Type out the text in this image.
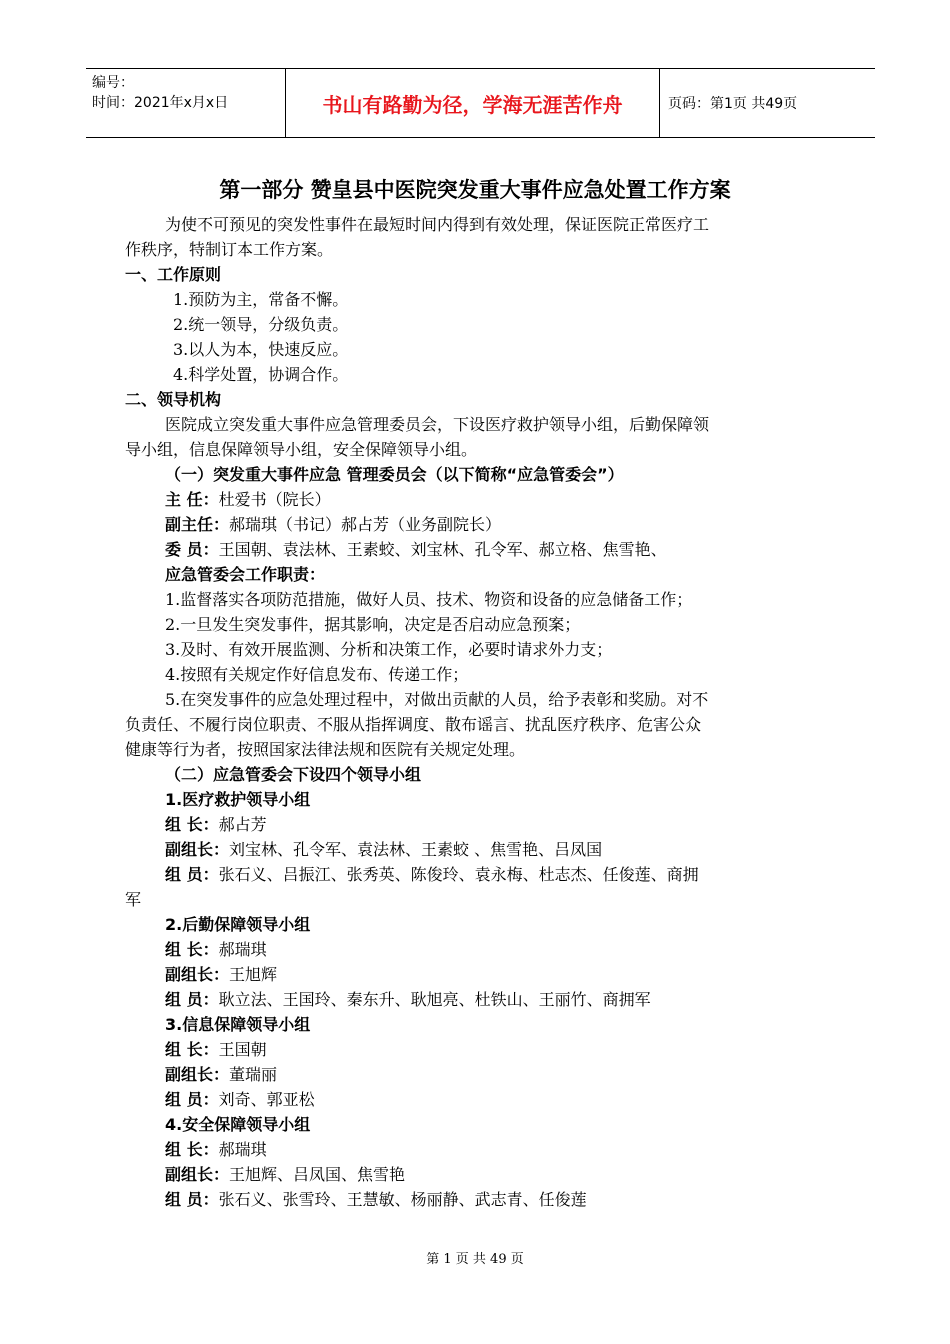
编号：
时间：2021年x月x日	书山有路勤为径，学海无涯苦作舟	页码：第1页 共49页
第一部分 赞皇县中医院突发重大事件应急处置工作方案
为使不可预见的突发性事件在最短时间内得到有效处理，保证医院正常医疗工
作秩序，特制订本工作方案。
一、工作原则
1.预防为主，常备不懈。
2.统一领导，分级负责。
3.以人为本，快速反应。
4.科学处置，协调合作。
二、领导机构
医院成立突发重大事件应急管理委员会，下设医疗救护领导小组，后勤保障领
导小组，信息保障领导小组，安全保障领导小组。
（一）突发重大事件应急 管理委员会（以下简称“应急管委会”）
主 任：杜爱书（院长）
副主任：郝瑞琪（书记）郝占芳（业务副院长）
委 员：王国朝、袁法林、王素蛟、刘宝林、孔令军、郝立格、焦雪艳、
应急管委会工作职责：
1.监督落实各项防范措施，做好人员、技术、物资和设备的应急储备工作；
2.一旦发生突发事件，据其影响，决定是否启动应急预案；
3.及时、有效开展监测、分析和决策工作，必要时请求外力支；
4.按照有关规定作好信息发布、传递工作；
5.在突发事件的应急处理过程中，对做出贡献的人员，给予表彰和奖励。对不
负责任、不履行岗位职责、不服从指挥调度、散布谣言、扰乱医疗秩序、危害公众
健康等行为者，按照国家法律法规和医院有关规定处理。
（二）应急管委会下设四个领导小组
1.医疗救护领导小组
组 长：郝占芳
副组长：刘宝林、孔令军、袁法林、王素蛟 、焦雪艳、吕凤国
组 员：张石义、吕振江、张秀英、陈俊玲、袁永梅、杜志杰、任俊莲、商拥
军
2.后勤保障领导小组
组 长：郝瑞琪
副组长：王旭辉
组 员：耿立法、王国玲、秦东升、耿旭亮、杜铁山、王丽竹、商拥军
3.信息保障领导小组
组 长：王国朝
副组长：董瑞丽
组 员：刘奇、郭亚松
4.安全保障领导小组
组 长：郝瑞琪
副组长：王旭辉、吕凤国、焦雪艳
组 员：张石义、张雪玲、王慧敏、杨丽静、武志青、任俊莲
第 1 页 共 49 页
